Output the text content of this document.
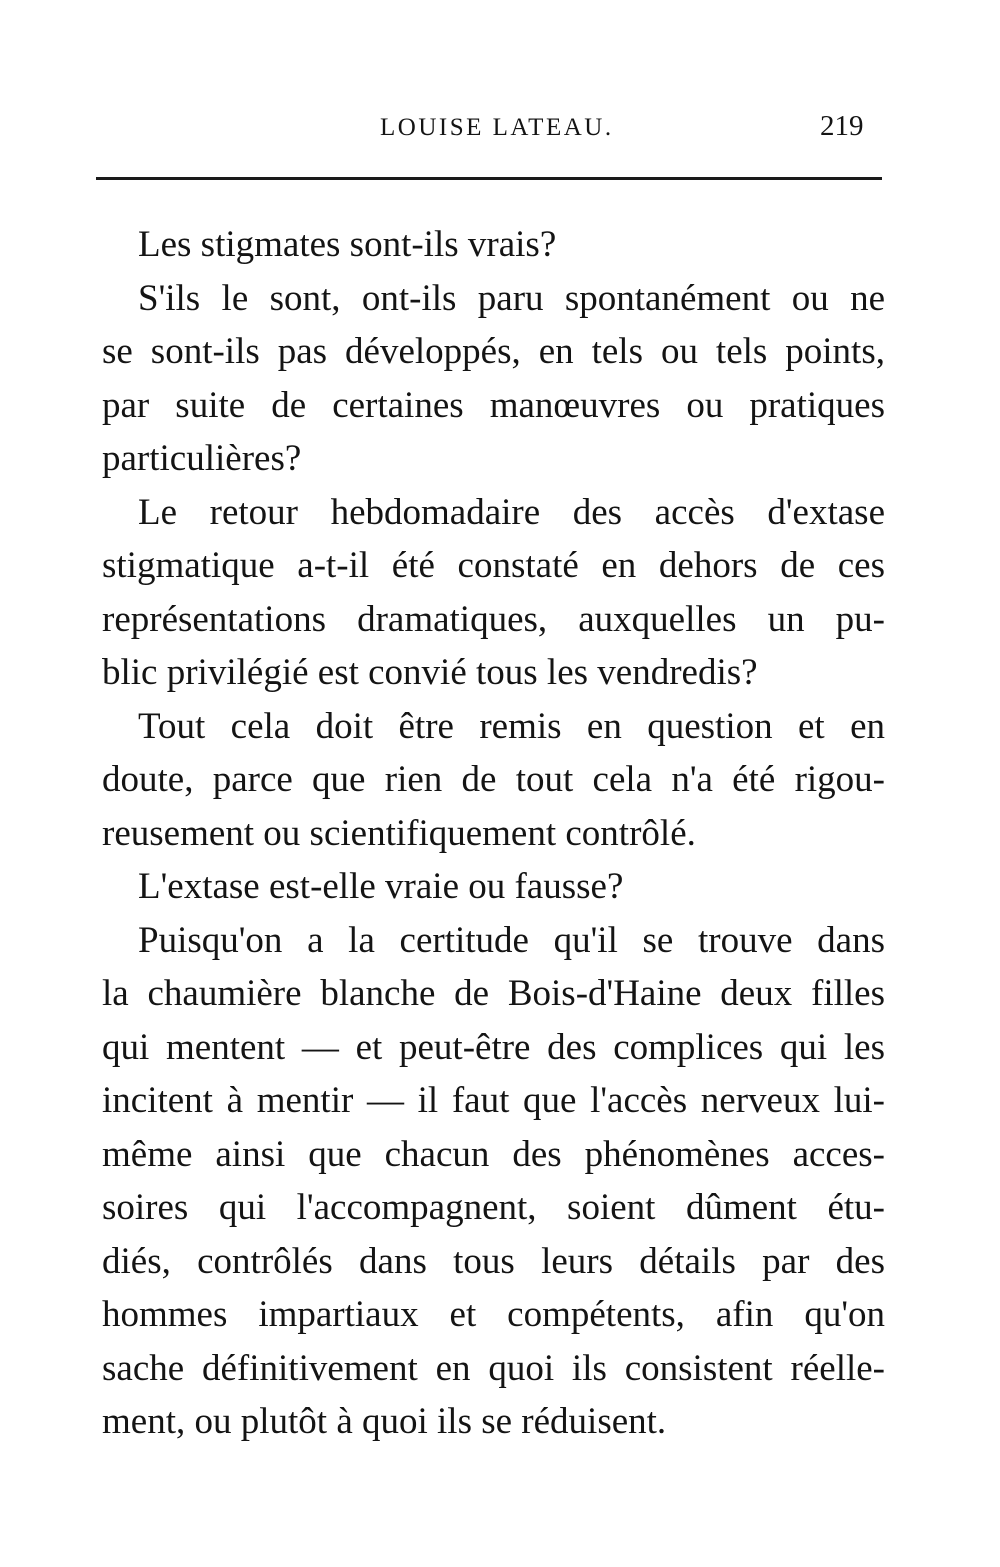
LOUISE LATEAU.	219
Les stigmates sont-ils vrais?
S'ils le sont, ont-ils paru spontanément ou ne
se sont-ils pas développés, en tels ou tels points,
par suite de certaines manœuvres ou pratiques
particulières?
Le retour hebdomadaire des accès d'extase
stigmatique a-t-il été constaté en dehors de ces
représentations dramatiques, auxquelles un pu-
blic privilégié est convié tous les vendredis?
Tout cela doit être remis en question et en
doute, parce que rien de tout cela n'a été rigou-
reusement ou scientifiquement contrôlé.
L'extase est-elle vraie ou fausse?
Puisqu'on a la certitude qu'il se trouve dans
la chaumière blanche de Bois-d'Haine deux filles
qui mentent — et peut-être des complices qui les
incitent à mentir — il faut que l'accès nerveux lui-
même ainsi que chacun des phénomènes acces-
soires qui l'accompagnent, soient dûment étu-
diés, contrôlés dans tous leurs détails par des
hommes impartiaux et compétents, afin qu'on
sache définitivement en quoi ils consistent réelle-
ment, ou plutôt à quoi ils se réduisent.
